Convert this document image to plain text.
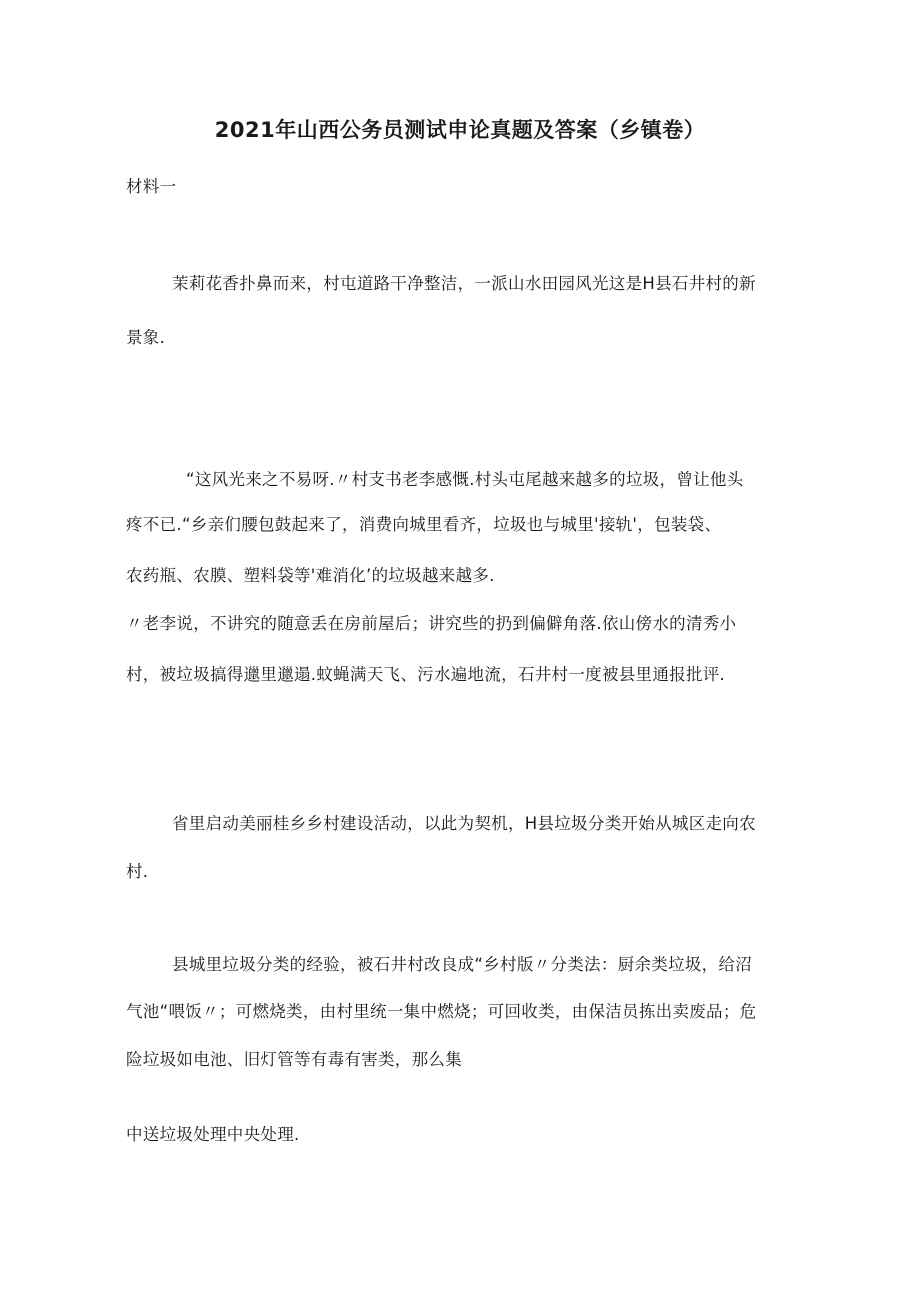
2021年山西公务员测试申论真题及答案（乡镇卷）
材料一
茉莉花香扑鼻而来，村屯道路干净整洁，一派山水田园风光这是H县石井村的新
景象.
“这风光来之不易呀.〃村支书老李感慨.村头屯尾越来越多的垃圾，曾让他头
疼不已.“乡亲们腰包鼓起来了，消费向城里看齐，垃圾也与城里'接轨'，包装袋、
农药瓶、农膜、塑料袋等'难消化’的垃圾越来越多.
〃老李说，不讲究的随意丢在房前屋后；讲究些的扔到偏僻角落.依山傍水的清秀小
村，被垃圾搞得邋里邋遢.蚊蝇满天飞、污水遍地流，石井村一度被县里通报批评.
省里启动美丽桂乡乡村建设活动，以此为契机，H县垃圾分类开始从城区走向农
村.
县城里垃圾分类的经验，被石井村改良成“乡村版〃分类法：厨余类垃圾，给沼
气池“喂饭〃；可燃烧类，由村里统一集中燃烧；可回收类，由保洁员拣出卖废品；危
险垃圾如电池、旧灯管等有毒有害类，那么集
中送垃圾处理中央处理.
